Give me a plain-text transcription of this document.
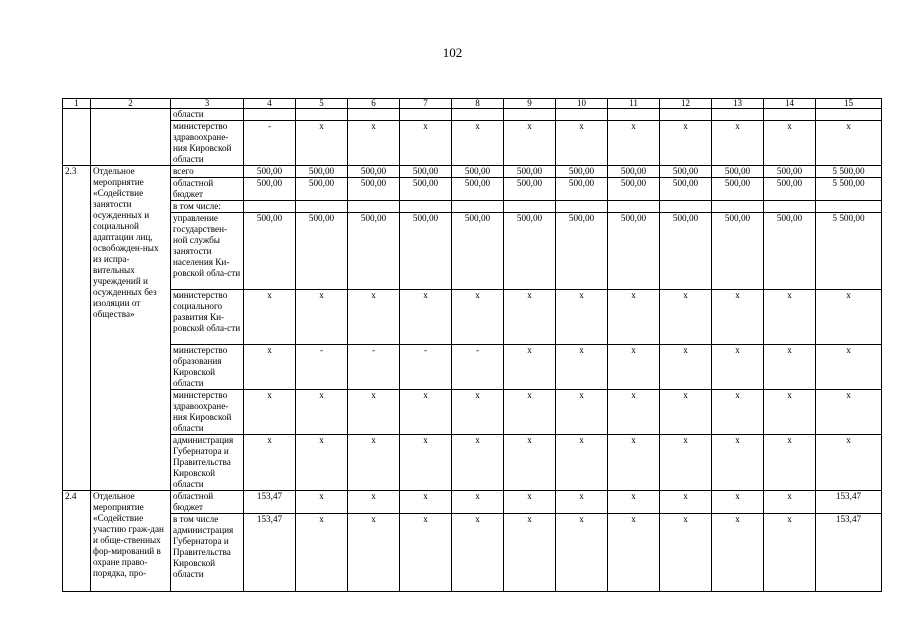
102
1	2	3	4	5	6	7	8	9	10	11	12	13	14	15
		области												
		министерство здравоохране-ния Кировской области	-	x	x	x	x	x	x	x	x	x	x	x
2.3	Отдельное мероприятие «Содействие занятости осужденных и социальной адаптации лиц, освобожден-ных из испра-вительных учреждений и осужденных без изоляции от общества»	всего	500,00	500,00	500,00	500,00	500,00	500,00	500,00	500,00	500,00	500,00	500,00	5 500,00
		областной бюджет	500,00	500,00	500,00	500,00	500,00	500,00	500,00	500,00	500,00	500,00	500,00	5 500,00
		в том числе:												
		управление государствен-ной службы занятости населения Ки-ровской обла-сти	500,00	500,00	500,00	500,00	500,00	500,00	500,00	500,00	500,00	500,00	500,00	5 500,00
		министерство социального развития Ки-ровской обла-сти	x	x	x	x	x	x	x	x	x	x	x	x
		министерство образования Кировской области	x	-	-	-	-	x	x	x	x	x	x	x
		министерство здравоохране-ния Кировской области	x	x	x	x	x	x	x	x	x	x	x	x
		администрация Губернатора и Правительства Кировской области	x	x	x	x	x	x	x	x	x	x	x	x
2.4	Отдельное мероприятие «Содействие участию граж-дан и обще-ственных фор-мирований в охране право-порядка, про-	областной бюджет	153,47	x	x	x	x	x	x	x	x	x	x	153,47
		в том числе администрация Губернатора и Правительства Кировской области	153,47	x	x	x	x	x	x	x	x	x	x	153,47
